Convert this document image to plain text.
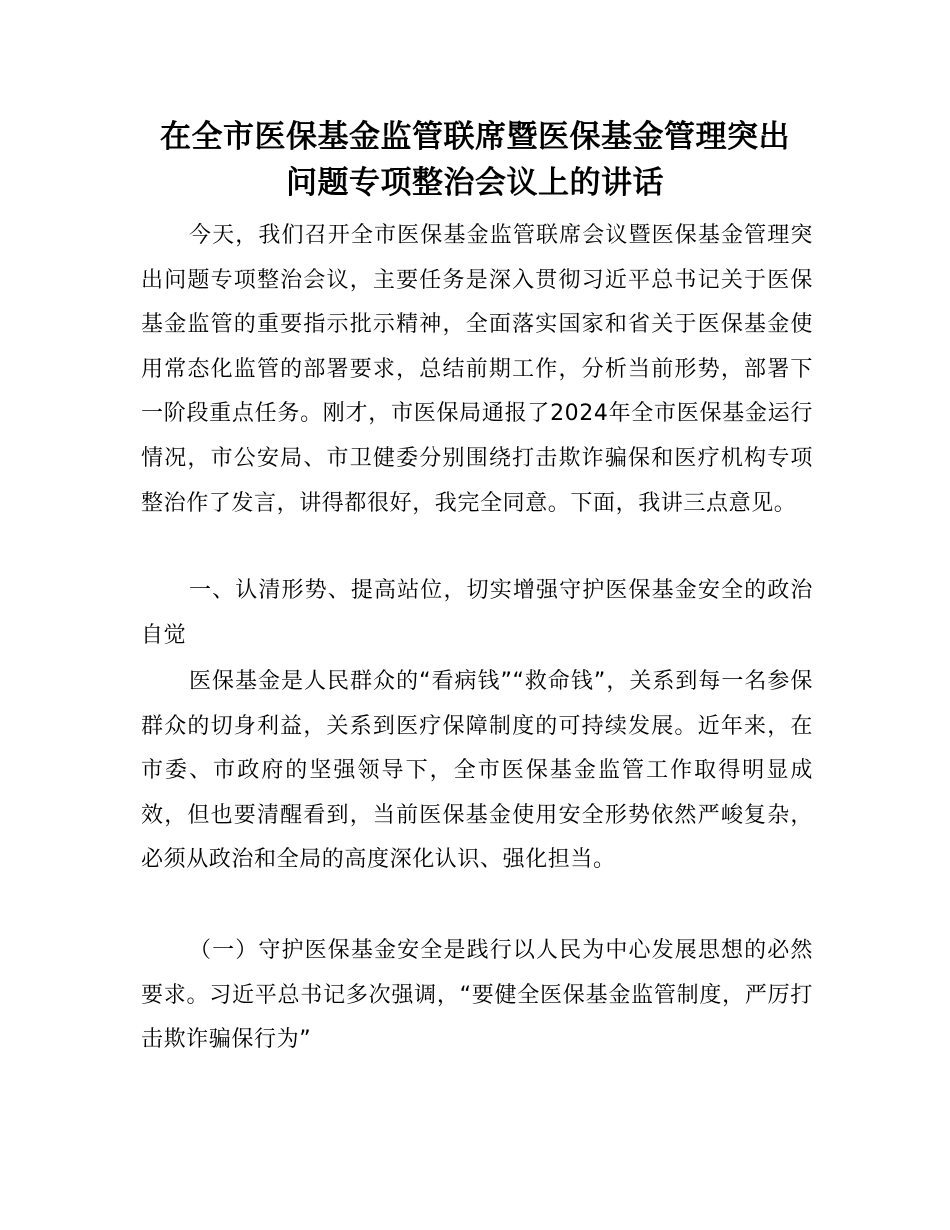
在全市医保基金监管联席暨医保基金管理突出
问题专项整治会议上的讲话

今天，我们召开全市医保基金监管联席会议暨医保基金管理突出问题专项整治会议，主要任务是深入贯彻习近平总书记关于医保基金监管的重要指示批示精神，全面落实国家和省关于医保基金使用常态化监管的部署要求，总结前期工作，分析当前形势，部署下一阶段重点任务。刚才，市医保局通报了2024年全市医保基金运行情况，市公安局、市卫健委分别围绕打击欺诈骗保和医疗机构专项整治作了发言，讲得都很好，我完全同意。下面，我讲三点意见。

一、认清形势、提高站位，切实增强守护医保基金安全的政治自觉

医保基金是人民群众的“看病钱”“救命钱”，关系到每一名参保群众的切身利益，关系到医疗保障制度的可持续发展。近年来，在市委、市政府的坚强领导下，全市医保基金监管工作取得明显成效，但也要清醒看到，当前医保基金使用安全形势依然严峻复杂，必须从政治和全局的高度深化认识、强化担当。

（一）守护医保基金安全是践行以人民为中心发展思想的必然要求。习近平总书记多次强调，“要健全医保基金监管制度，严厉打击欺诈骗保行为”
